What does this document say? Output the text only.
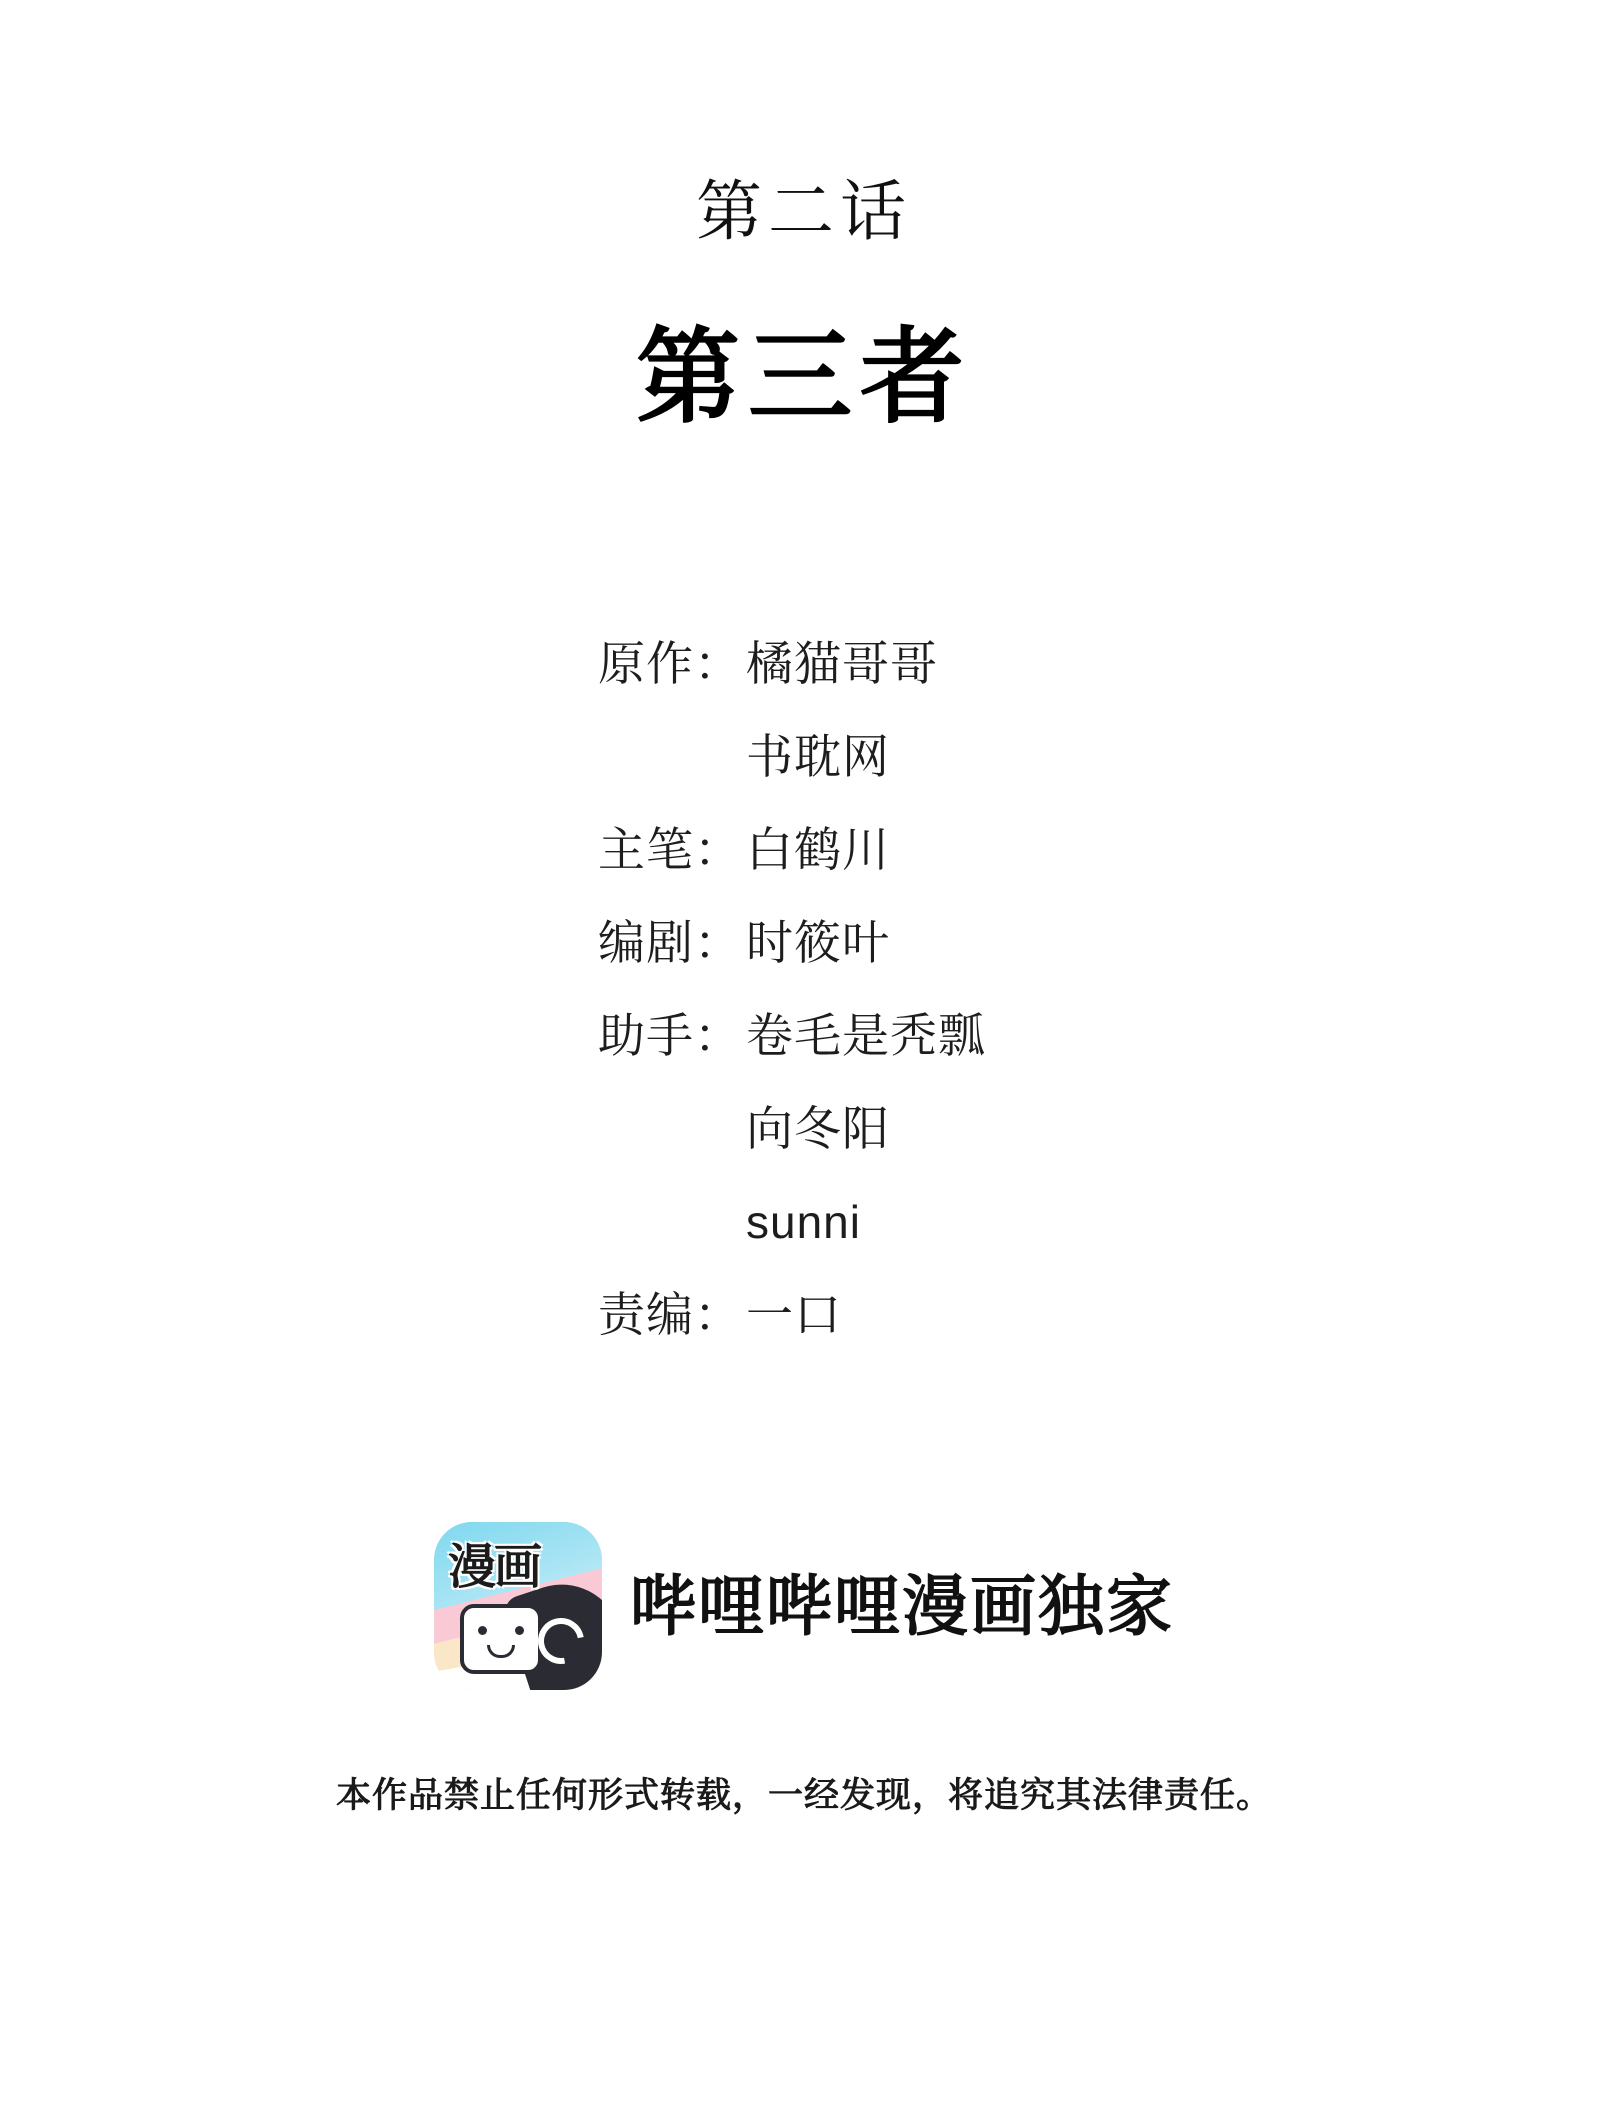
第二话
第三者
原作： 橘猫哥哥
书耽网
主笔： 白鹤川
编剧： 时筱叶
助手： 卷毛是秃瓢
向冬阳
sunni
责编： 一口
漫画
哔哩哔哩漫画独家
本作品禁止任何形式转载，一经发现，将追究其法律责任。
